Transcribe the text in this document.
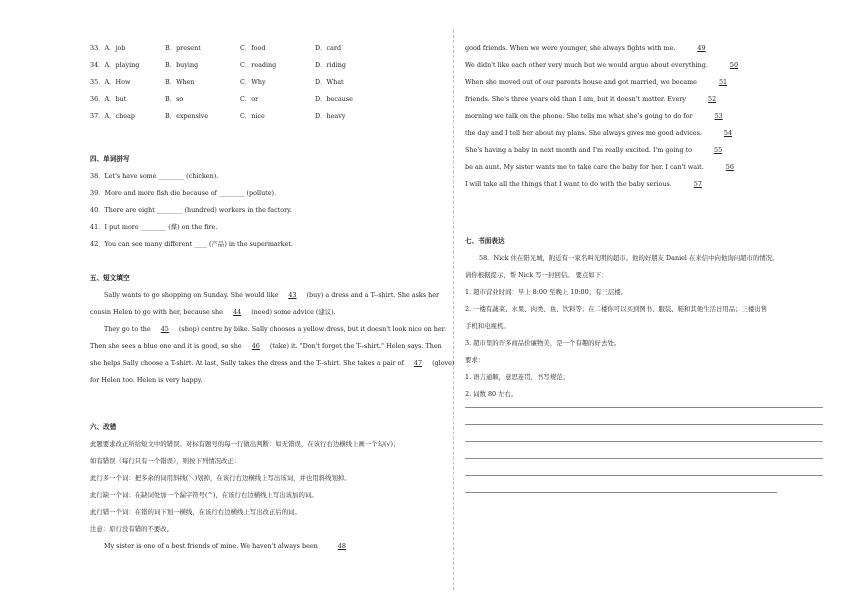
33．A．job	B．present	C．food	D．card
34．A．playing	B．buying	C．reading	D．riding
35．A．How	B．When	C．Why	D．What
36．A．but	B．so	C．or	D．because
37．A．cheap	B．expensive	C．nice	D．heavy
四、单词拼写
38．Let's have some ________ (chicken).
39．More and more fish die because of ________ (pollute).
40．There are eight ________ (hundred) workers in the factory.
41．I put more ________ (煤) on the fire.
42．You can see many different ____ (产品) in the supermarket.
五、短文填空
Sally wants to go shopping on Sunday. She would like 43 (buy) a dress and a T--shirt. She asks her
cousin Helen to go with her, because she 44 (need) some advice (建议).
They go to the 45 (shop) centre by bike. Sally chooses a yellow dress, but it doesn't look nice on her.
Then she sees a blue one and it is good, so she 46 (take) it. "Don't forget the T--shirt." Helen says. Then
she helps Sally choose a T-shirt. At last, Sally takes the dress and the T--shirt. She takes a pair of 47 (glove)
for Helen too. Helen is very happy.
六、改错
此题要求改正所给短文中的错误。对标有题号的每一行做出判断：如无错误，在该行右边横线上画一个勾(√)；
如有错误（每行只有一个错误），则按下列情况改正：
此行多一个词：把多余的词用斜线(＼)划掉，在该行右边横线上写出该词，并也用斜线划掉。
此行缺一个词：在缺词处加一个漏字符号(^)，在该行右边横线上写出该加的词。
此行错一个词：在错的词下划一横线，在该行右边横线上写出改正后的词。
注意：原行没有错的不要改。
My sister is one of a best friends of mine. We haven't always been	48
good friends. When we were younger, she always fights with me.	49
We didn't like each other very much but we would argue about everything.	50
When she moved out of our parents house and got married, we became	51
friends. She's three years old than I am, but it doesn't matter. Every	52
morning we talk on the phone. She tells me what she's going to do for	53
the day and I tell her about my plans. She always gives me good advices.	54
She's having a baby in next month and I'm really excited. I'm going to	55
be an aunt. My sister wants me to take care the baby for her. I can't wait.	56
I will take all the things that I want to do with the baby serious.	57
七、书面表达
58．Nick 住在阳光城，附近有一家名叫光明的超市。他的好朋友 Daniel 在来信中向他询问超市的情况。
请你根据提示，帮 Nick 写一封回信。 要点如下：
1. 超市营业时间：早上 8:00 至晚上 10:00；有三层楼。
2. 一楼有蔬菜、水果、肉类、鱼、饮料等；在二楼你可以买到图书、服装、鞋和其他生活日用品；三楼出售
手机和电视机。
3. 超市里的许多商品价廉物美，是一个有趣的好去处。
要求：
1. 语言通顺，意思连贯，书写规范；
2. 词数 80 左右。
